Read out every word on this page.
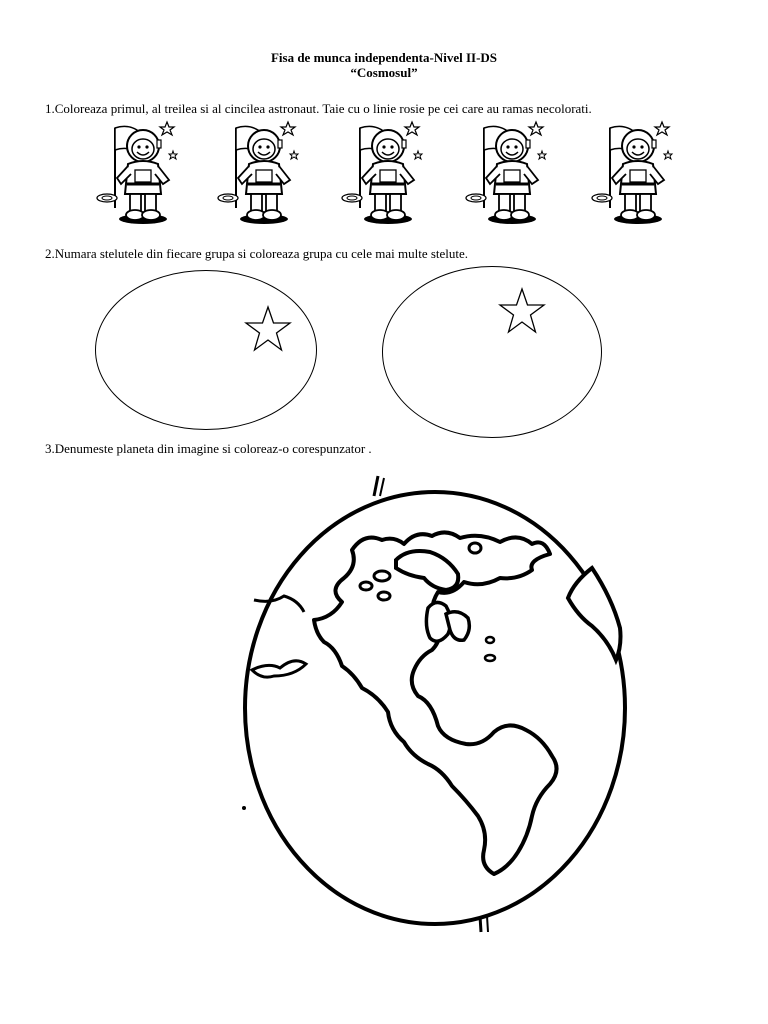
Fisa de munca independenta-Nivel II-DS
“Cosmosul”
1.Coloreaza primul, al treilea si al cincilea astronaut. Taie cu o linie rosie pe cei care au ramas necolorati.
2.Numara stelutele din fiecare grupa si coloreaza grupa cu cele mai multe stelute.
3.Denumeste planeta din imagine si coloreaz-o corespunzator .
